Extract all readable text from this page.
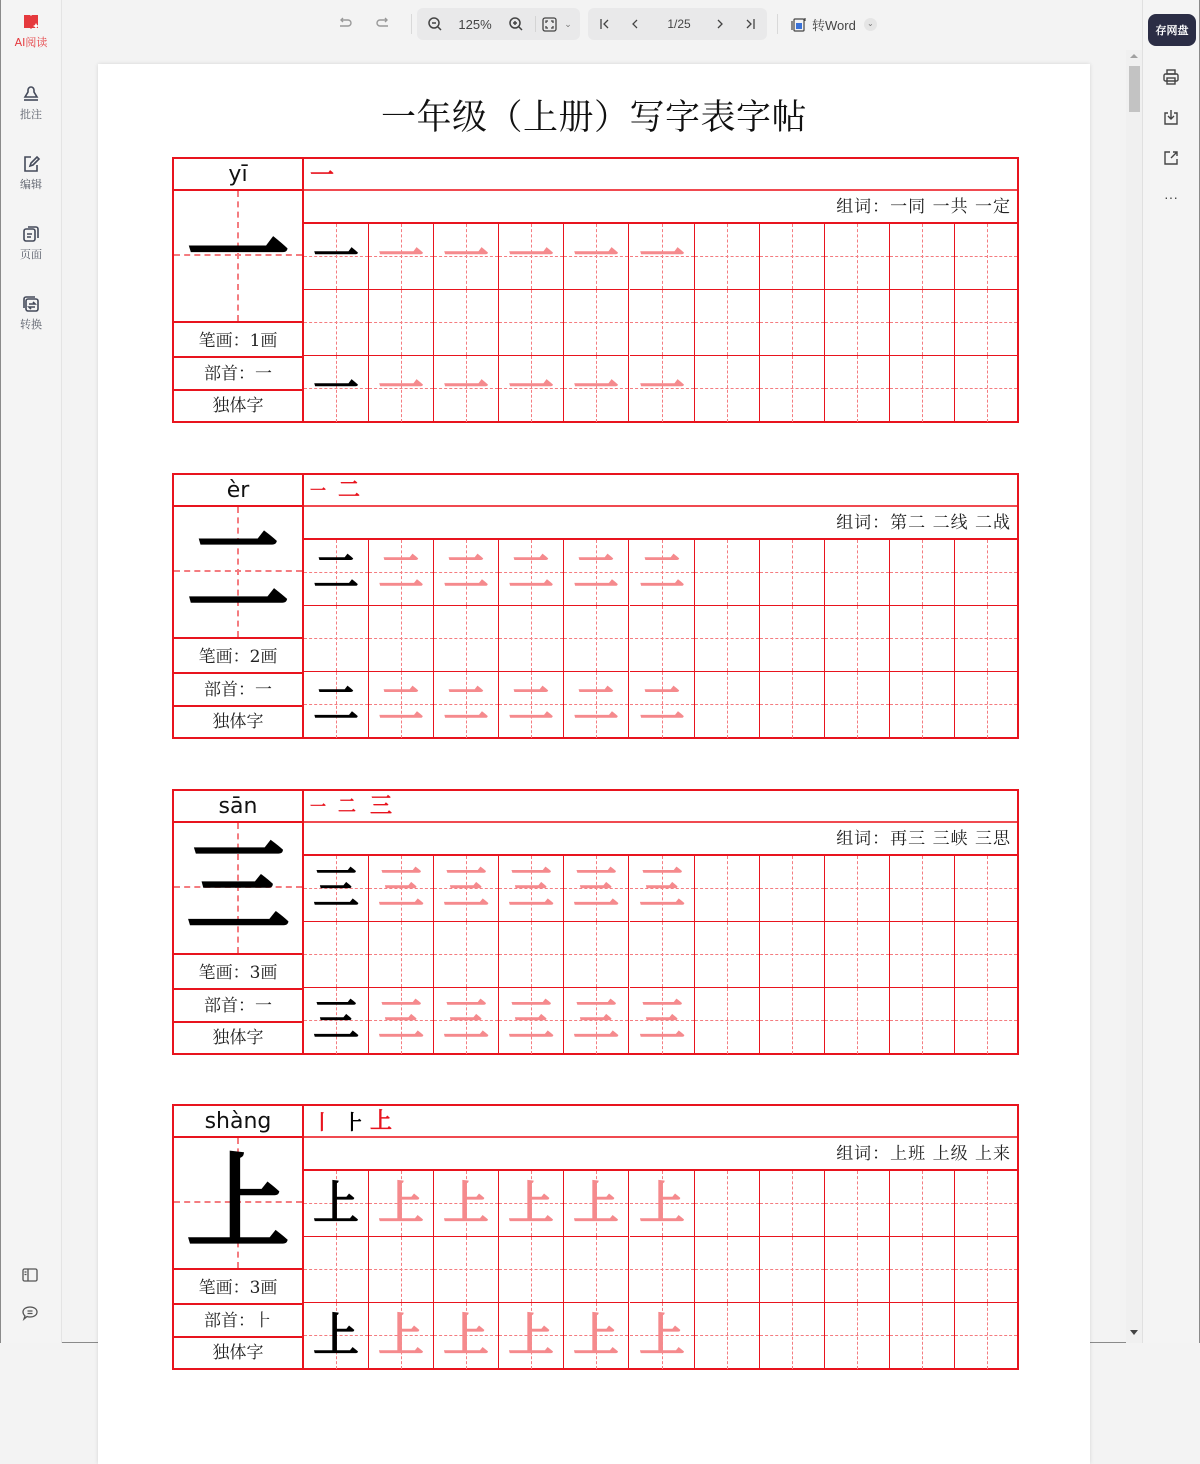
AI阅读
批注
编辑
页面
转换
125%	⌄	1/25	转Word	⌄
一年级（上册）写字表字帖
yī
一
笔画：1画
部首：一
独体字
一
组词：一同 一共 一定
一 一 一 一 一 一
一 一 一 一 一 一
èr
二
笔画：2画
部首：一
独体字
一 二
组词：第二 二线 二战
二 二 二 二 二 二
二 二 二 二 二 二
sān
三
笔画：3画
部首：一
独体字
一 二 三
组词：再三 三峡 三思
三 三 三 三 三 三
三 三 三 三 三 三
shàng
上
笔画：3画
部首：⺊
独体字
丨 ⺊ 上
组词：上班 上级 上来
上 上 上 上 上 上
上 上 上 上 上 上
存网盘
···
